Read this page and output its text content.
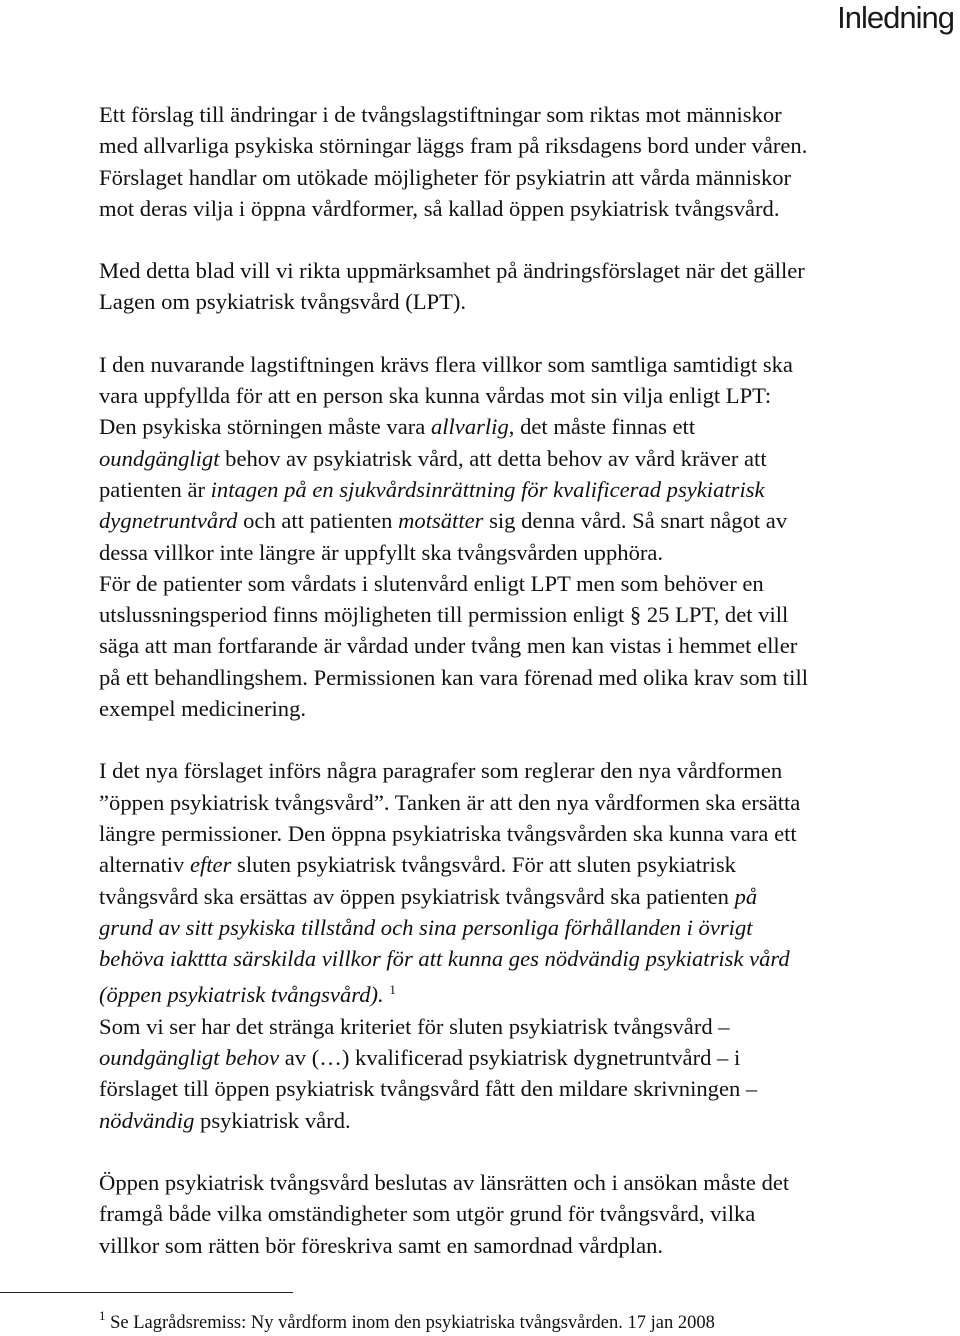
Inledning
Ett förslag till ändringar i de tvångslagstiftningar som riktas mot människor
med allvarliga psykiska störningar läggs fram på riksdagens bord under våren.
Förslaget handlar om utökade möjligheter för psykiatrin att vårda människor
mot deras vilja i öppna vårdformer, så kallad öppen psykiatrisk tvångsvård.
Med detta blad vill vi rikta uppmärksamhet på ändringsförslaget när det gäller
Lagen om psykiatrisk tvångsvård (LPT).
I den nuvarande lagstiftningen krävs flera villkor som samtliga samtidigt ska
vara uppfyllda för att en person ska kunna vårdas mot sin vilja enligt LPT:
Den psykiska störningen måste vara allvarlig, det måste finnas ett
oundgängligt behov av psykiatrisk vård, att detta behov av vård kräver att
patienten är intagen på en sjukvårdsinrättning för kvalificerad psykiatrisk
dygnetruntvård och att patienten motsätter sig denna vård. Så snart något av
dessa villkor inte längre är uppfyllt ska tvångsvården upphöra.
För de patienter som vårdats i slutenvård enligt LPT men som behöver en
utslussningsperiod finns möjligheten till permission enligt § 25 LPT, det vill
säga att man fortfarande är vårdad under tvång men kan vistas i hemmet eller
på ett behandlingshem. Permissionen kan vara förenad med olika krav som till
exempel medicinering.
I det nya förslaget införs några paragrafer som reglerar den nya vårdformen
”öppen psykiatrisk tvångsvård”. Tanken är att den nya vårdformen ska ersätta
längre permissioner. Den öppna psykiatriska tvångsvården ska kunna vara ett
alternativ efter sluten psykiatrisk tvångsvård. För att sluten psykiatrisk
tvångsvård ska ersättas av öppen psykiatrisk tvångsvård ska patienten på
grund av sitt psykiska tillstånd och sina personliga förhållanden i övrigt
behöva iakttta särskilda villkor för att kunna ges nödvändig psykiatrisk vård
(öppen psykiatrisk tvångsvård). $^1$
Som vi ser har det stränga kriteriet för sluten psykiatrisk tvångsvård –
oundgängligt behov av (…) kvalificerad psykiatrisk dygnetruntvård – i
förslaget till öppen psykiatrisk tvångsvård fått den mildare skrivningen –
nödvändig psykiatrisk vård.
Öppen psykiatrisk tvångsvård beslutas av länsrätten och i ansökan måste det
framgå både vilka omständigheter som utgör grund för tvångsvård, vilka
villkor som rätten bör föreskriva samt en samordnad vårdplan.
$^1$ Se Lagrådsremiss: Ny vårdform inom den psykiatriska tvångsvården. 17 jan 2008
